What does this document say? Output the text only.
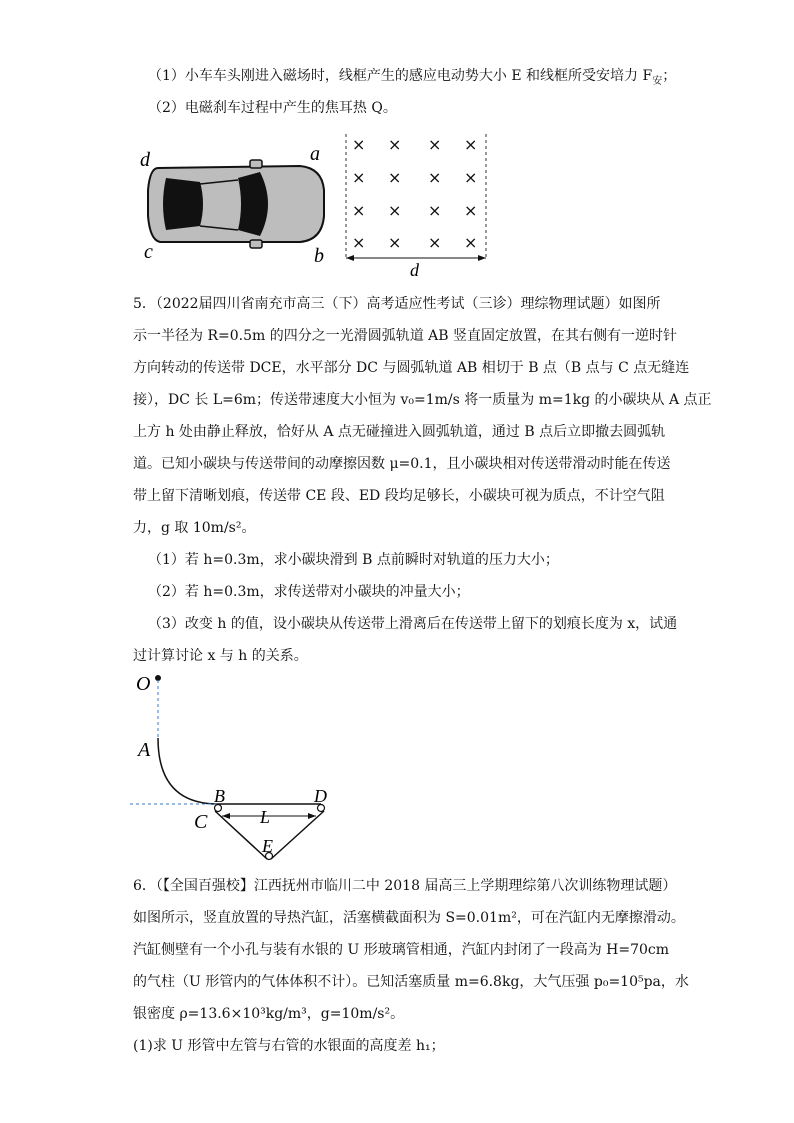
（1）小车车头刚进入磁场时，线框产生的感应电动势大小 E 和线框所受安培力 $F_安$；
（2）电磁刹车过程中产生的焦耳热 Q。
d	a
c	b
× × × ×
× × × ×
× × × ×
× × × ×
d
5．（2022届四川省南充市高三（下）高考适应性考试（三诊）理综物理试题）如图所
示一半径为 R=0.5m 的四分之一光滑圆弧轨道 AB 竖直固定放置，在其右侧有一逆时针
方向转动的传送带 DCE，水平部分 DC 与圆弧轨道 AB 相切于 B 点（B 点与 C 点无缝连
接），DC 长 L=6m；传送带速度大小恒为 v₀=1m/s 将一质量为 m=1kg 的小碳块从 A 点正
上方 h 处由静止释放，恰好从 A 点无碰撞进入圆弧轨道，通过 B 点后立即撤去圆弧轨
道。已知小碳块与传送带间的动摩擦因数 μ=0.1，且小碳块相对传送带滑动时能在传送
带上留下清晰划痕，传送带 CE 段、ED 段均足够长，小碳块可视为质点，不计空气阻
力，g 取 10m/s²。
（1）若 h=0.3m，求小碳块滑到 B 点前瞬时对轨道的压力大小；
（2）若 h=0.3m，求传送带对小碳块的冲量大小；
（3）改变 h 的值，设小碳块从传送带上滑离后在传送带上留下的划痕长度为 x，试通
过计算讨论 x 与 h 的关系。
O
A
B	D
C	L
E
6．（【全国百强校】江西抚州市临川二中 2018 届高三上学期理综第八次训练物理试题）
如图所示，竖直放置的导热汽缸，活塞横截面积为 S=0.01m²，可在汽缸内无摩擦滑动。
汽缸侧壁有一个小孔与装有水银的 U 形玻璃管相通，汽缸内封闭了一段高为 H=70cm
的气柱（U 形管内的气体体积不计）。已知活塞质量 m=6.8kg，大气压强 p₀=10⁵pa，水
银密度 ρ=13.6×10³kg/m³，g=10m/s²。
(1)求 U 形管中左管与右管的水银面的高度差 h₁；
